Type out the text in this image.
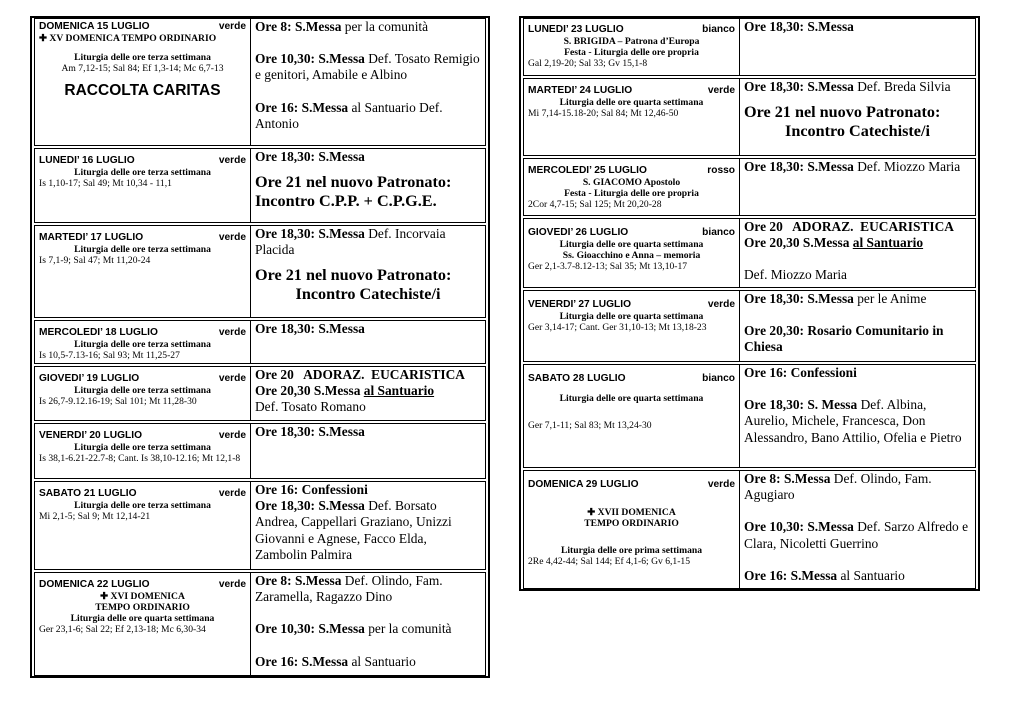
DOMENICA 15 LUGLIO	verde
✚ XV DOMENICA TEMPO ORDINARIO
Liturgia delle ore terza settimana
Am 7,12-15; Sal 84; Ef 1,3-14; Mc 6,7-13
RACCOLTA CARITAS
Ore 8: S.Messa per la comunità
Ore 10,30: S.Messa Def. Tosato Remigio e genitori, Amabile e Albino
Ore 16: S.Messa al Santuario Def. Antonio
LUNEDI’ 16 LUGLIO	verde
Liturgia delle ore terza settimana
Is 1,10-17; Sal 49; Mt 10,34 - 11,1
Ore 18,30: S.Messa
Ore 21 nel nuovo Patronato: Incontro C.P.P. + C.P.G.E.
MARTEDI’ 17 LUGLIO	verde
Liturgia delle ore terza settimana
Is 7,1-9; Sal 47; Mt 11,20-24
Ore 18,30: S.Messa Def. Incorvaia Placida
Ore 21 nel nuovo Patronato:
Incontro Catechiste/i
MERCOLEDI’ 18 LUGLIO	verde
Liturgia delle ore terza settimana
Is 10,5-7.13-16; Sal 93; Mt 11,25-27
Ore 18,30: S.Messa
GIOVEDI’ 19 LUGLIO	verde
Liturgia delle ore terza settimana
Is 26,7-9.12.16-19; Sal 101; Mt 11,28-30
Ore 20   ADORAZ.  EUCARISTICA
Ore 20,30 S.Messa al Santuario
Def. Tosato Romano
VENERDI’ 20 LUGLIO	verde
Liturgia delle ore terza settimana
Is 38,1-6.21-22.7-8; Cant. Is 38,10-12.16; Mt 12,1-8
Ore 18,30: S.Messa
SABATO 21 LUGLIO	verde
Liturgia delle ore terza settimana
Mi 2,1-5; Sal 9; Mt 12,14-21
Ore 16: Confessioni
Ore 18,30: S.Messa Def. Borsato Andrea, Cappellari Graziano, Unizzi Giovanni e Agnese, Facco Elda, Zambolin Palmira
DOMENICA 22 LUGLIO	verde
✚ XVI DOMENICA
TEMPO ORDINARIO
Liturgia delle ore quarta settimana
Ger 23,1-6; Sal 22; Ef 2,13-18; Mc 6,30-34
Ore 8: S.Messa Def. Olindo, Fam. Zaramella, Ragazzo Dino
Ore 10,30: S.Messa per la comunità
Ore 16: S.Messa al Santuario
LUNEDI’ 23 LUGLIO	bianco
S. BRIGIDA – Patrona d’Europa
Festa - Liturgia delle ore propria
Gal 2,19-20; Sal 33; Gv 15,1-8
Ore 18,30: S.Messa
MARTEDI’ 24 LUGLIO	verde
Liturgia delle ore quarta settimana
Mi 7,14-15.18-20; Sal 84; Mt 12,46-50
Ore 18,30: S.Messa Def. Breda Silvia
Ore 21 nel nuovo Patronato:
Incontro Catechiste/i
MERCOLEDI’ 25 LUGLIO	rosso
S. GIACOMO Apostolo
Festa - Liturgia delle ore propria
2Cor 4,7-15; Sal 125; Mt 20,20-28
Ore 18,30: S.Messa Def. Miozzo Maria
GIOVEDI’ 26 LUGLIO	bianco
Liturgia delle ore quarta settimana
Ss. Gioacchino e Anna – memoria
Ger 2,1-3.7-8.12-13; Sal 35; Mt 13,10-17
Ore 20   ADORAZ.  EUCARISTICA
Ore 20,30 S.Messa al Santuario
Def. Miozzo Maria
VENERDI’ 27 LUGLIO	verde
Liturgia delle ore quarta settimana
Ger 3,14-17; Cant. Ger 31,10-13; Mt 13,18-23
Ore 18,30: S.Messa per le Anime
Ore 20,30: Rosario Comunitario in Chiesa
SABATO 28 LUGLIO	bianco
Liturgia delle ore quarta settimana
Ger 7,1-11; Sal 83; Mt 13,24-30
Ore 16: Confessioni
Ore 18,30: S. Messa Def. Albina, Aurelio, Michele, Francesca, Don Alessandro, Bano Attilio, Ofelia e Pietro
DOMENICA 29 LUGLIO	verde
✚ XVII DOMENICA
TEMPO ORDINARIO
Liturgia delle ore prima settimana
2Re 4,42-44; Sal 144; Ef 4,1-6; Gv 6,1-15
Ore 8: S.Messa Def. Olindo, Fam. Agugiaro
Ore 10,30: S.Messa Def. Sarzo Alfredo e Clara, Nicoletti Guerrino
Ore 16: S.Messa al Santuario
